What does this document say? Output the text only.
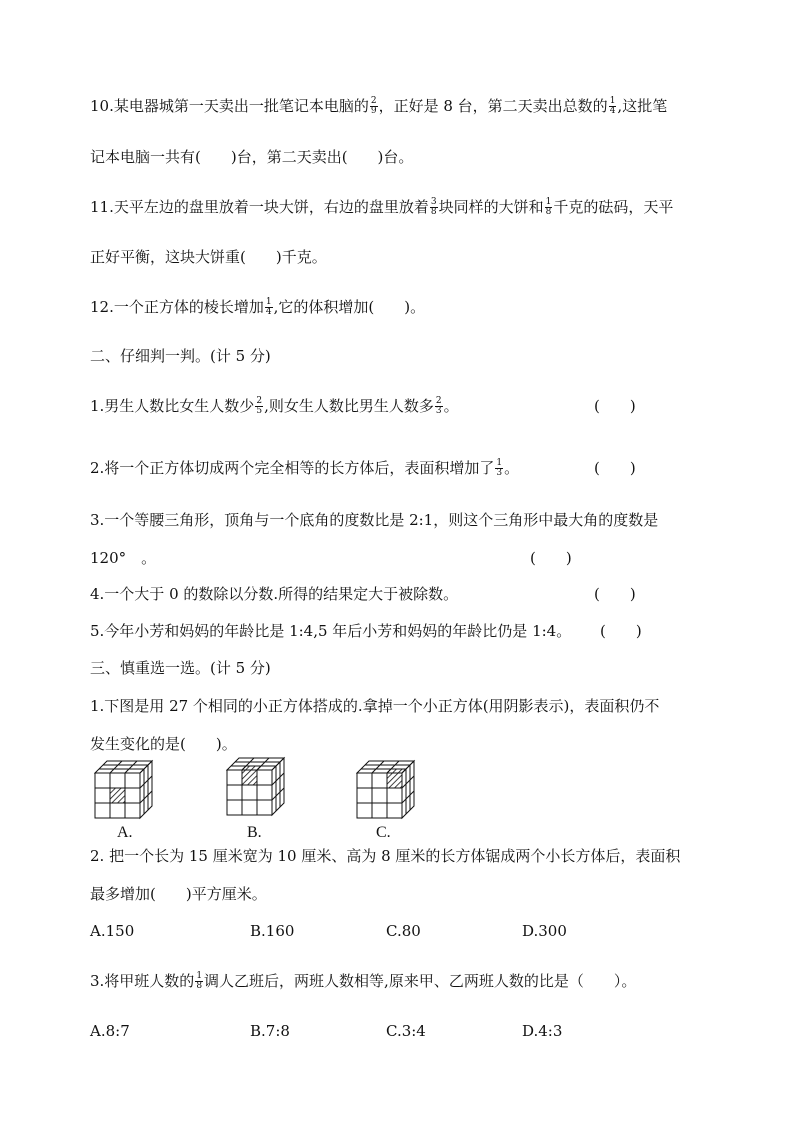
10.某电器城第一天卖出一批笔记本电脑的 $\frac{2}{9}$ ，正好是 8 台，第二天卖出总数的 $\frac{1}{4}$ ,这批笔
记本电脑一共有(　　)台，第二天卖出(　　)台。
11.天平左边的盘里放着一块大饼，右边的盘里放着 $\frac{3}{8}$ 块同样的大饼和 $\frac{1}{8}$ 千克的砝码，天平
正好平衡，这块大饼重(　　)千克。
12.一个正方体的棱长增加 $\frac{1}{4}$ ,它的体积增加(　　)。
二、仔细判一判。(计 5 分)
1.男生人数比女生人数少 $\frac{2}{5}$ ,则女生人数比男生人数多 $\frac{2}{3}$ 。	(　　)
2.将一个正方体切成两个完全相等的长方体后，表面积增加了 $\frac{1}{3}$ 。	(　　)
3.一个等腰三角形，顶角与一个底角的度数比是 2:1，则这个三角形中最大角的度数是
120°　。	(　　)
4.一个大于 0 的数除以分数.所得的结果定大于被除数。	(　　)
5.今年小芳和妈妈的年龄比是 1:4,5 年后小芳和妈妈的年龄比仍是 1:4。 (　　)
三、慎重选一选。(计 5 分)
1.下图是用 27 个相同的小正方体搭成的.拿掉一个小正方体(用阴影表示)，表面积仍不
发生变化的是(　　)。
A.	B.	C.
2. 把一个长为 15 厘米宽为 10 厘米、高为 8 厘米的长方体锯成两个小长方体后，表面积
最多增加(　　)平方厘米。
A.150	B.160	C.80	D.300
3.将甲班人数的 $\frac{1}{8}$ 调人乙班后，两班人数相等,原来甲、乙两班人数的比是（　　）。
A.8:7	B.7:8	C.3:4	D.4:3
